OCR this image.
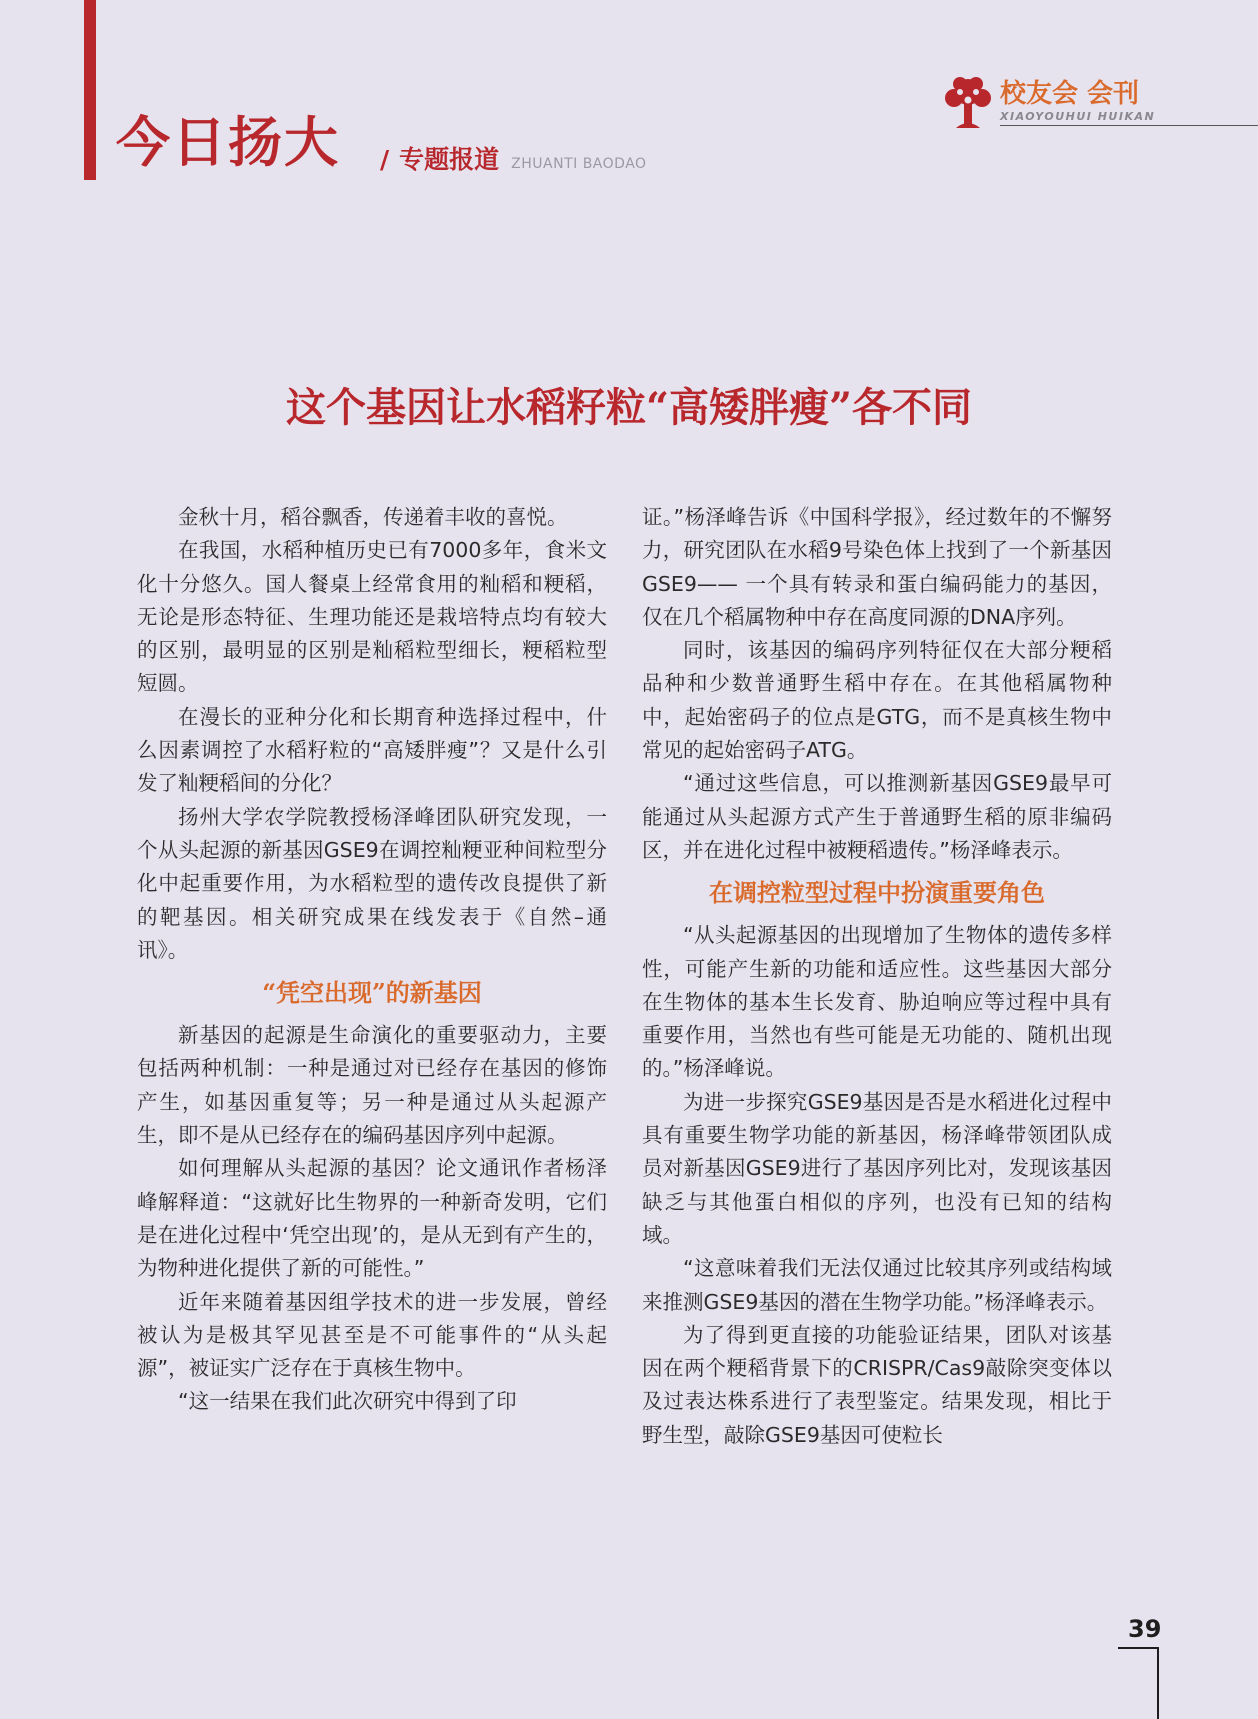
今日扬大 / 专题报道 ZHUANTI BAODAO
校友会 会刊
XIAOYOUHUI HUIKAN
这个基因让水稻籽粒“高矮胖瘦”各不同

金秋十月，稻谷飘香，传递着丰收的喜悦。

在我国，水稻种植历史已有7000多年，食米文化十分悠久。国人餐桌上经常食用的籼稻和粳稻，无论是形态特征、生理功能还是栽培特点均有较大的区别，最明显的区别是籼稻粒型细长，粳稻粒型短圆。

在漫长的亚种分化和长期育种选择过程中，什么因素调控了水稻籽粒的“高矮胖瘦”？又是什么引发了籼粳稻间的分化？

扬州大学农学院教授杨泽峰团队研究发现，一个从头起源的新基因GSE9在调控籼粳亚种间粒型分化中起重要作用，为水稻粒型的遗传改良提供了新的靶基因。相关研究成果在线发表于《自然–通讯》。

“凭空出现”的新基因

新基因的起源是生命演化的重要驱动力，主要包括两种机制：一种是通过对已经存在基因的修饰产生，如基因重复等；另一种是通过从头起源产生，即不是从已经存在的编码基因序列中起源。

如何理解从头起源的基因？论文通讯作者杨泽峰解释道：“这就好比生物界的一种新奇发明，它们是在进化过程中‘凭空出现’的，是从无到有产生的，为物种进化提供了新的可能性。”

近年来随着基因组学技术的进一步发展，曾经被认为是极其罕见甚至是不可能事件的“从头起源”，被证实广泛存在于真核生物中。

“这一结果在我们此次研究中得到了印

证。”杨泽峰告诉《中国科学报》，经过数年的不懈努力，研究团队在水稻9号染色体上找到了一个新基因GSE9—— 一个具有转录和蛋白编码能力的基因，仅在几个稻属物种中存在高度同源的DNA序列。

同时，该基因的编码序列特征仅在大部分粳稻品种和少数普通野生稻中存在。在其他稻属物种中，起始密码子的位点是GTG，而不是真核生物中常见的起始密码子ATG。

“通过这些信息，可以推测新基因GSE9最早可能通过从头起源方式产生于普通野生稻的原非编码区，并在进化过程中被粳稻遗传。”杨泽峰表示。

在调控粒型过程中扮演重要角色

“从头起源基因的出现增加了生物体的遗传多样性，可能产生新的功能和适应性。这些基因大部分在生物体的基本生长发育、胁迫响应等过程中具有重要作用，当然也有些可能是无功能的、随机出现的。”杨泽峰说。

为进一步探究GSE9基因是否是水稻进化过程中具有重要生物学功能的新基因，杨泽峰带领团队成员对新基因GSE9进行了基因序列比对，发现该基因缺乏与其他蛋白相似的序列，也没有已知的结构域。

“这意味着我们无法仅通过比较其序列或结构域来推测GSE9基因的潜在生物学功能。”杨泽峰表示。

为了得到更直接的功能验证结果，团队对该基因在两个粳稻背景下的CRISPR/Cas9敲除突变体以及过表达株系进行了表型鉴定。结果发现，相比于野生型，敲除GSE9基因可使粒长

39
